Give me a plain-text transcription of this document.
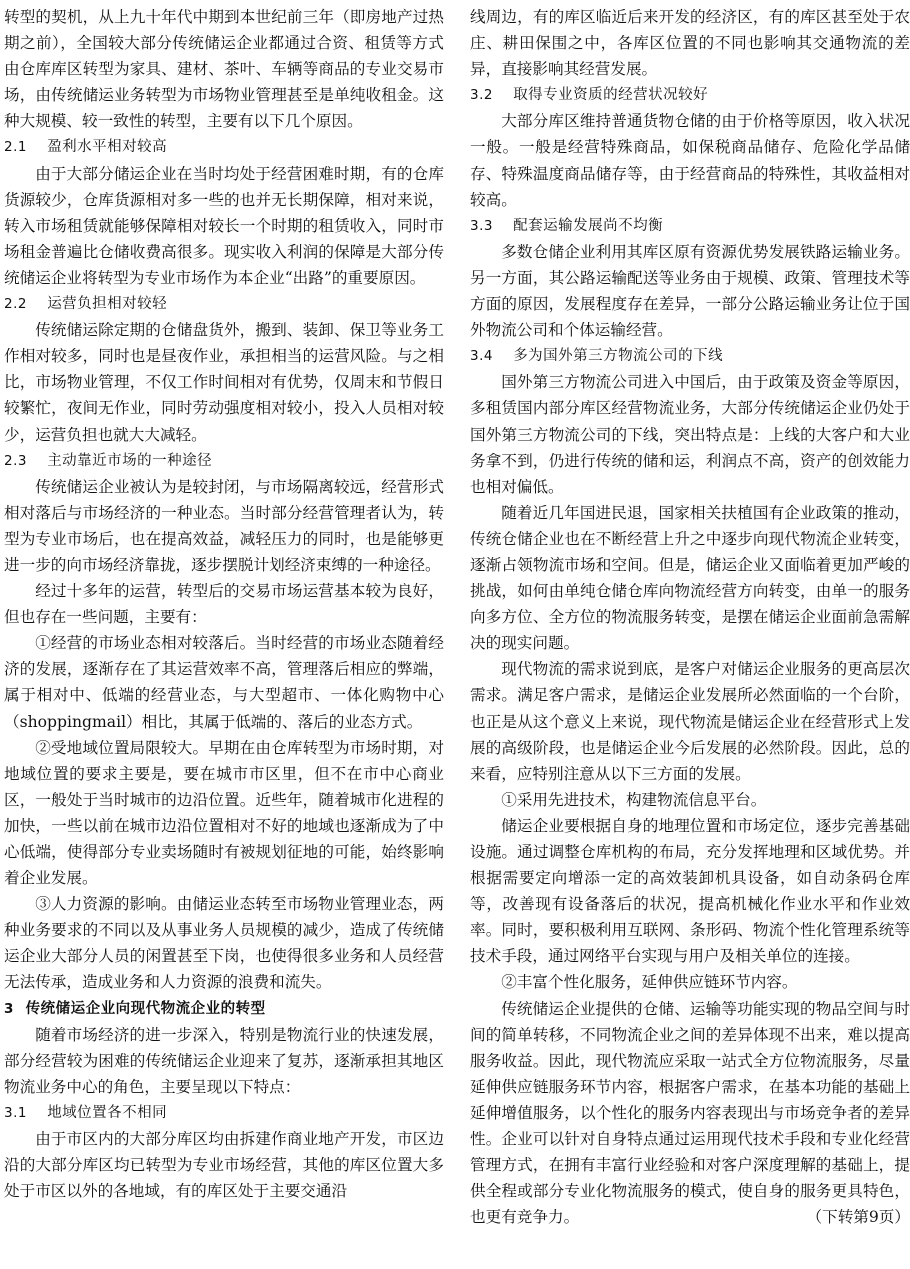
转型的契机，从上九十年代中期到本世纪前三年（即房地产过热期之前），全国较大部分传统储运企业都通过合资、租赁等方式由仓库库区转型为家具、建材、茶叶、车辆等商品的专业交易市场，由传统储运业务转型为市场物业管理甚至是单纯收租金。这种大规模、较一致性的转型，主要有以下几个原因。

2.1 盈利水平相对较高

由于大部分储运企业在当时均处于经营困难时期，有的仓库货源较少，仓库货源相对多一些的也并无长期保障，相对来说，转入市场租赁就能够保障相对较长一个时期的租赁收入，同时市场租金普遍比仓储收费高很多。现实收入利润的保障是大部分传统储运企业将转型为专业市场作为本企业“出路”的重要原因。

2.2 运营负担相对较轻

传统储运除定期的仓储盘货外，搬到、装卸、保卫等业务工作相对较多，同时也是昼夜作业，承担相当的运营风险。与之相比，市场物业管理，不仅工作时间相对有优势，仅周末和节假日较繁忙，夜间无作业，同时劳动强度相对较小，投入人员相对较少，运营负担也就大大减轻。

2.3 主动靠近市场的一种途径

传统储运企业被认为是较封闭，与市场隔离较远，经营形式相对落后与市场经济的一种业态。当时部分经营管理者认为，转型为专业市场后，也在提高效益，减轻压力的同时，也是能够更进一步的向市场经济靠拢，逐步摆脱计划经济束缚的一种途径。

经过十多年的运营，转型后的交易市场运营基本较为良好，但也存在一些问题，主要有：

①经营的市场业态相对较落后。当时经营的市场业态随着经济的发展，逐渐存在了其运营效率不高，管理落后相应的弊端，属于相对中、低端的经营业态，与大型超市、一体化购物中心（shoppingmail）相比，其属于低端的、落后的业态方式。

②受地域位置局限较大。早期在由仓库转型为市场时期，对地域位置的要求主要是，要在城市市区里，但不在市中心商业区，一般处于当时城市的边沿位置。近些年，随着城市化进程的加快，一些以前在城市边沿位置相对不好的地域也逐渐成为了中心低端，使得部分专业卖场随时有被规划征地的可能，始终影响着企业发展。

③人力资源的影响。由储运业态转至市场物业管理业态，两种业务要求的不同以及从事业务人员规模的减少，造成了传统储运企业大部分人员的闲置甚至下岗，也使得很多业务和人员经营无法传承，造成业务和人力资源的浪费和流失。

3 传统储运企业向现代物流企业的转型

随着市场经济的进一步深入，特别是物流行业的快速发展，部分经营较为困难的传统储运企业迎来了复苏，逐渐承担其地区物流业务中心的角色，主要呈现以下特点：

3.1 地域位置各不相同

由于市区内的大部分库区均由拆建作商业地产开发，市区边沿的大部分库区均已转型为专业市场经营，其他的库区位置大多处于市区以外的各地域，有的库区处于主要交通沿

线周边，有的库区临近后来开发的经济区，有的库区甚至处于农庄、耕田保围之中，各库区位置的不同也影响其交通物流的差异，直接影响其经营发展。

3.2 取得专业资质的经营状况较好

大部分库区维持普通货物仓储的由于价格等原因，收入状况一般。一般是经营特殊商品，如保税商品储存、危险化学品储存、特殊温度商品储存等，由于经营商品的特殊性，其收益相对较高。

3.3 配套运输发展尚不均衡

多数仓储企业利用其库区原有资源优势发展铁路运输业务。另一方面，其公路运输配送等业务由于规模、政策、管理技术等方面的原因，发展程度存在差异，一部分公路运输业务让位于国外物流公司和个体运输经营。

3.4 多为国外第三方物流公司的下线

国外第三方物流公司进入中国后，由于政策及资金等原因，多租赁国内部分库区经营物流业务，大部分传统储运企业仍处于国外第三方物流公司的下线，突出特点是：上线的大客户和大业务拿不到，仍进行传统的储和运，利润点不高，资产的创效能力也相对偏低。

随着近几年国进民退，国家相关扶植国有企业政策的推动，传统仓储企业也在不断经营上升之中逐步向现代物流企业转变，逐渐占领物流市场和空间。但是，储运企业又面临着更加严峻的挑战，如何由单纯仓储仓库向物流经营方向转变，由单一的服务向多方位、全方位的物流服务转变，是摆在储运企业面前急需解决的现实问题。

现代物流的需求说到底，是客户对储运企业服务的更高层次需求。满足客户需求，是储运企业发展所必然面临的一个台阶，也正是从这个意义上来说，现代物流是储运企业在经营形式上发展的高级阶段，也是储运企业今后发展的必然阶段。因此，总的来看，应特别注意从以下三方面的发展。

①采用先进技术，构建物流信息平台。

储运企业要根据自身的地理位置和市场定位，逐步完善基础设施。通过调整仓库机构的布局，充分发挥地理和区域优势。并根据需要定向增添一定的高效装卸机具设备，如自动条码仓库等，改善现有设备落后的状况，提高机械化作业水平和作业效率。同时，要积极利用互联网、条形码、物流个性化管理系统等技术手段，通过网络平台实现与用户及相关单位的连接。

②丰富个性化服务，延伸供应链环节内容。

传统储运企业提供的仓储、运输等功能实现的物品空间与时间的简单转移，不同物流企业之间的差异体现不出来，难以提高服务收益。因此，现代物流应采取一站式全方位物流服务，尽量延伸供应链服务环节内容，根据客户需求，在基本功能的基础上延伸增值服务，以个性化的服务内容表现出与市场竞争者的差异性。企业可以针对自身特点通过运用现代技术手段和专业化经营管理方式，在拥有丰富行业经验和对客户深度理解的基础上，提供全程或部分专业化物流服务的模式，使自身的服务更具特色，也更有竞争力。	（下转第9页）
